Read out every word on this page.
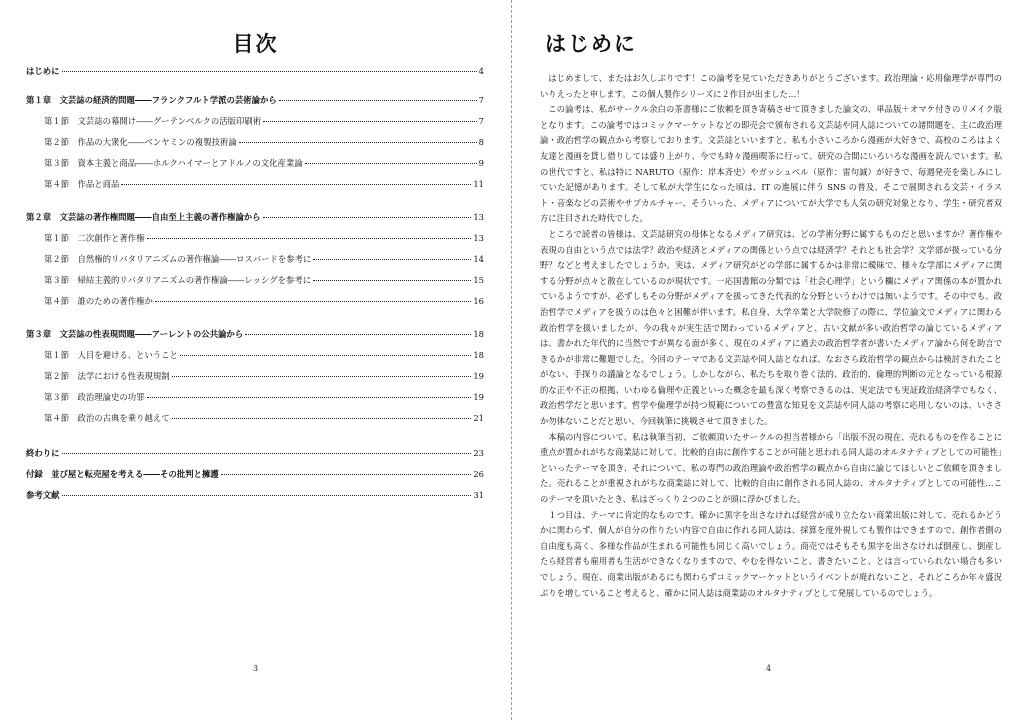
目次
はじめに	4
第１章　文芸誌の経済的問題――フランクフルト学派の芸術論から	7
第１節　文芸誌の幕開け――グーテンベルクの活版印刷術	7
第２節　作品の大衆化――ベンヤミンの複製技術論	8
第３節　資本主義と商品――ホルクハイマーとアドルノの文化産業論	9
第４節　作品と商品	11
第２章　文芸誌の著作権問題――自由至上主義の著作権論から	13
第１節　二次創作と著作権	13
第２節　自然権的リバタリアニズムの著作権論――ロスバードを参考に	14
第３節　帰結主義的リバタリアニズムの著作権論――レッシグを参考に	15
第４節　誰のための著作権か	16
第３章　文芸誌の性表現問題――アーレントの公共論から	18
第１節　人目を避ける、ということ	18
第２節　法学における性表現規制	19
第３節　政治理論史の功罪	19
第４節　政治の古典を乗り越えて	21
終わりに	23
付録　並び屋と転売屋を考える――その批判と擁護	26
参考文献	31
3
はじめに
4

はじめまして、またはお久しぶりです！この論考を見ていただきありがとうございます。政治理論・応用倫理学が専門のいりえったと申します。この個人製作シリーズに２作目が出ました…！

この論考は、私がサークル余白の茶書様にご依頼を頂き寄稿させて頂きました論文の、単品版＋オマケ付きのリメイク版となります。この論考ではコミックマーケットなどの即売会で頒布される文芸誌や同人誌についての諸問題を、主に政治理論・政治哲学の観点から考察しております。文芸誌といいますと、私も小さいころから漫画が大好きで、高校のころはよく友達と漫画を貸し借りしては盛り上がり、今でも時々漫画喫茶に行って、研究の合間にいろいろな漫画を読んでいます。私の世代ですと、私は特に NARUTO（原作：岸本斉史）やガッシュベル（原作：雷句誠）が好きで、毎週発売を楽しみにしていた記憶があります。そして私が大学生になった頃は、IT の進展に伴う SNS の普及、そこで展開される文芸・イラスト・音楽などの芸術やサブカルチャー、そういった、メディアについてが大学でも人気の研究対象となり、学生・研究者双方に注目された時代でした。

ところで読者の皆様は、文芸誌研究の母体となるメディア研究は、どの学術分野に属するものだと思いますか？著作権や表現の自由という点では法学？政治や経済とメディアの関係という点では経済学？それとも社会学？文学部が扱っている分野？などと考えましたでしょうか。実は、メディア研究がどの学部に属するかは非常に曖昧で、様々な学部にメディアに関する分野が点々と散在しているのが現状です。一応国書館の分類では「社会心理学」という欄にメディア関係の本が置かれているようですが、必ずしもその分野がメディアを扱ってきた代表的な分野というわけでは無いようです。その中でも、政治哲学でメディアを扱うのは色々と困難が伴います。私自身、大学卒業と大学院修了の際に、学位論文でメディアに関わる政治哲学を扱いましたが、今の我々が実生活で関わっているメディアと、古い文献が多い政治哲学の論じているメディアは、書かれた年代的に当然ですが異なる面が多く、現在のメディアに過去の政治哲学者が書いたメディア論から何を助言できるかが非常に難題でした。今回のテーマである文芸誌や同人誌となれば、なおさら政治哲学の観点からは検討されたことがない、手探りの議論となるでしょう。しかしながら、私たちを取り巻く法的、政治的、倫理的判断の元となっている根源的な正や不正の根拠、いわゆる倫理や正義といった概念を最も深く考察できるのは、実定法でも実証政治経済学でもなく、政治哲学だと思います。哲学や倫理学が持つ規範についての豊富な知見を文芸誌や同人誌の考察に応用しないのは、いささか勿体ないことだと思い、今回執筆に挑戦させて頂きました。

本稿の内容について、私は執筆当初、ご依頼頂いたサークルの担当者様から「出版不況の現在、売れるものを作ることに重点が置かれがちな商業誌に対して、比較的自由に創作することが可能と思われる同人誌のオルタナティブとしての可能性」といったテーマを頂き、それについて、私の専門の政治理論や政治哲学の観点から自由に論じてほしいとご依頼を頂きました。売れることが重視されがちな商業誌に対して、比較的自由に創作される同人誌の、オルタナティブとしての可能性…このテーマを頂いたとき、私はざっくり２つのことが頭に浮かびました。

１つ目は、テーマに肯定的なものです。確かに黒字を出さなければ経営が成り立たない商業出版に対して、売れるかどうかに関わらず、個人が自分の作りたい内容で自由に作れる同人誌は、採算を度外視しても製作はできますので、創作者側の自由度も高く、多様な作品が生まれる可能性も同じく高いでしょう。商売ではそもそも黒字を出さなければ倒産し、倒産したら経営者も雇用者も生活ができなくなりますので、やむを得ないこと、書きたいこと、とは言っていられない場合も多いでしょう。現在、商業出版があるにも関わらずコミックマーケットというイベントが廃れないこと、それどころか年々盛況ぶりを増していること考えると、確かに同人誌は商業誌のオルタナティブとして発展しているのでしょう。
